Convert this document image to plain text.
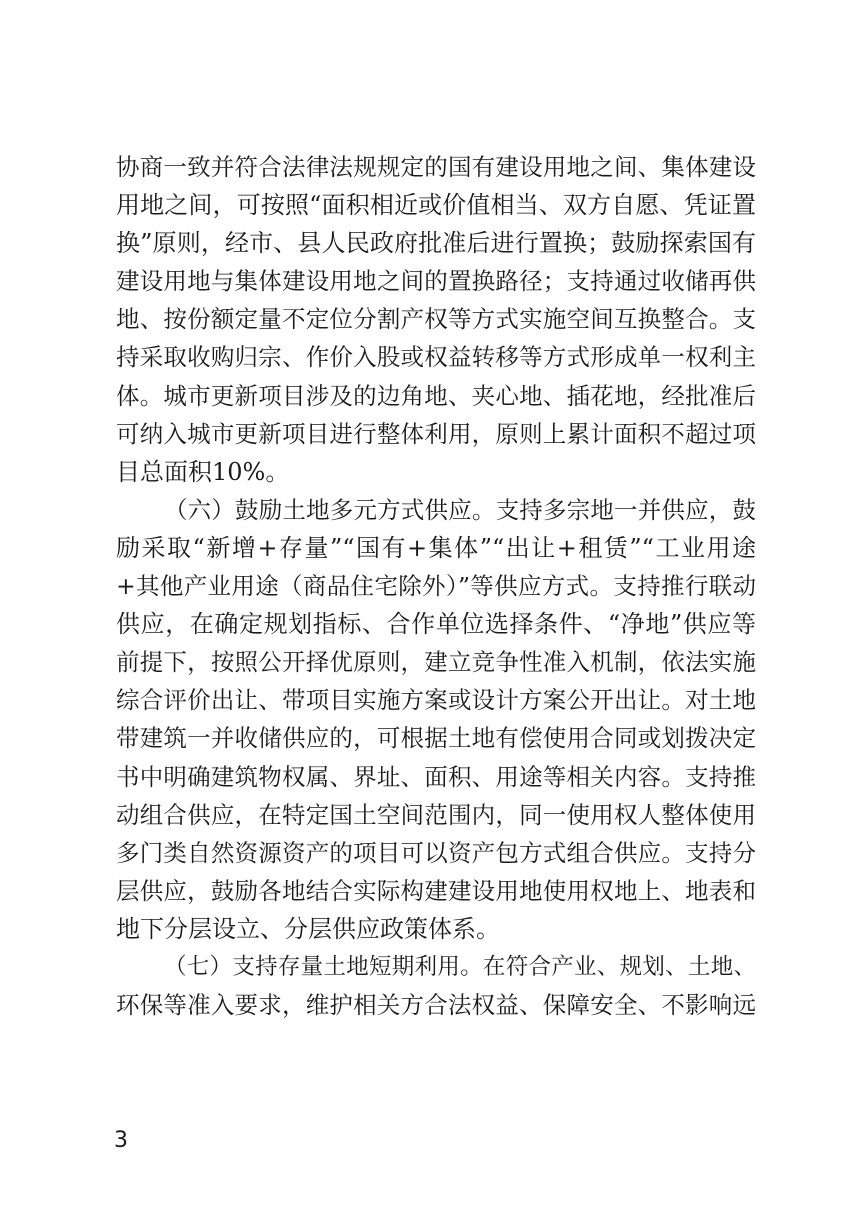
协商一致并符合法律法规规定的国有建设用地之间、集体建设
用地之间，可按照“面积相近或价值相当、双方自愿、凭证置
换”原则，经市、县人民政府批准后进行置换；鼓励探索国有
建设用地与集体建设用地之间的置换路径；支持通过收储再供
地、按份额定量不定位分割产权等方式实施空间互换整合。支
持采取收购归宗、作价入股或权益转移等方式形成单一权利主
体。城市更新项目涉及的边角地、夹心地、插花地，经批准后
可纳入城市更新项目进行整体利用，原则上累计面积不超过项
目总面积10%。
（六）鼓励土地多元方式供应。支持多宗地一并供应，鼓
励采取“新增+存量”“国有+集体”“出让+租赁”“工业用途
+其他产业用途（商品住宅除外）”等供应方式。支持推行联动
供应，在确定规划指标、合作单位选择条件、“净地”供应等
前提下，按照公开择优原则，建立竞争性准入机制，依法实施
综合评价出让、带项目实施方案或设计方案公开出让。对土地
带建筑一并收储供应的，可根据土地有偿使用合同或划拨决定
书中明确建筑物权属、界址、面积、用途等相关内容。支持推
动组合供应，在特定国土空间范围内，同一使用权人整体使用
多门类自然资源资产的项目可以资产包方式组合供应。支持分
层供应，鼓励各地结合实际构建建设用地使用权地上、地表和
地下分层设立、分层供应政策体系。
（七）支持存量土地短期利用。在符合产业、规划、土地、
环保等准入要求，维护相关方合法权益、保障安全、不影响远
3
